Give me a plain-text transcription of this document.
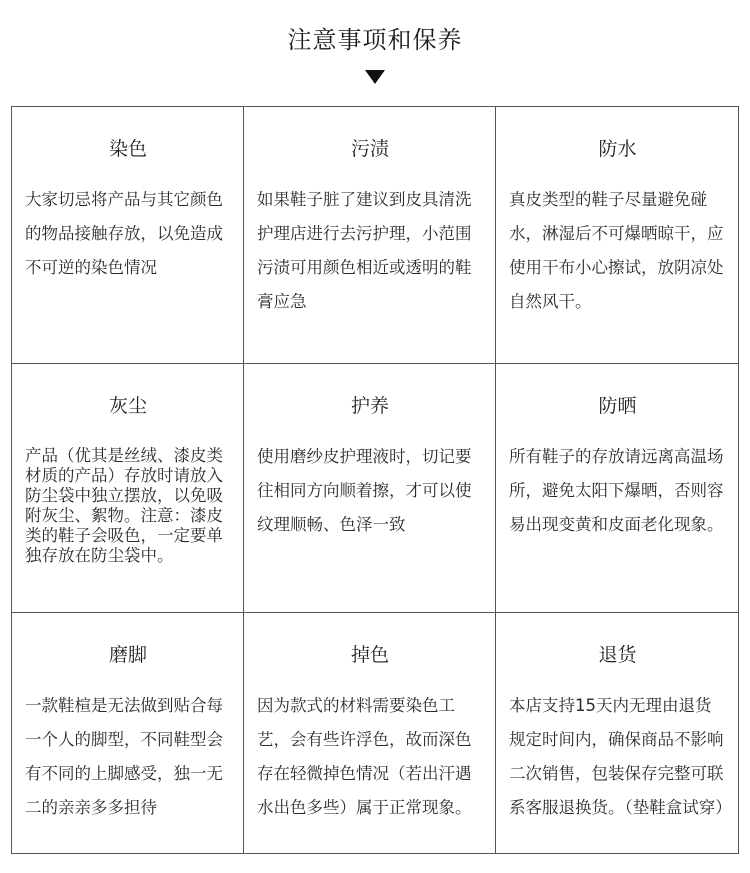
注意事项和保养
染色
大家切忌将产品与其它颜色的物品接触存放，以免造成不可逆的染色情况
污渍
如果鞋子脏了建议到皮具清洗护理店进行去污护理，小范围污渍可用颜色相近或透明的鞋膏应急
防水
真皮类型的鞋子尽量避免碰水，淋湿后不可爆晒晾干，应使用干布小心擦试，放阴凉处自然风干。
灰尘
产品（优其是丝绒、漆皮类材质的产品）存放时请放入防尘袋中独立摆放，以免吸附灰尘、絮物。注意：漆皮类的鞋子会吸色，一定要单独存放在防尘袋中。
护养
使用磨纱皮护理液时，切记要往相同方向顺着擦，才可以使纹理顺畅、色泽一致
防晒
所有鞋子的存放请远离高温场所，避免太阳下爆晒，否则容易出现变黄和皮面老化现象。
磨脚
一款鞋楦是无法做到贴合每一个人的脚型，不同鞋型会有不同的上脚感受，独一无二的亲亲多多担待
掉色
因为款式的材料需要染色工艺，会有些许浮色，故而深色存在轻微掉色情况（若出汗遇水出色多些）属于正常现象。
退货
本店支持15天内无理由退货规定时间内，确保商品不影响二次销售，包装保存完整可联系客服退换货。（垫鞋盒试穿）
